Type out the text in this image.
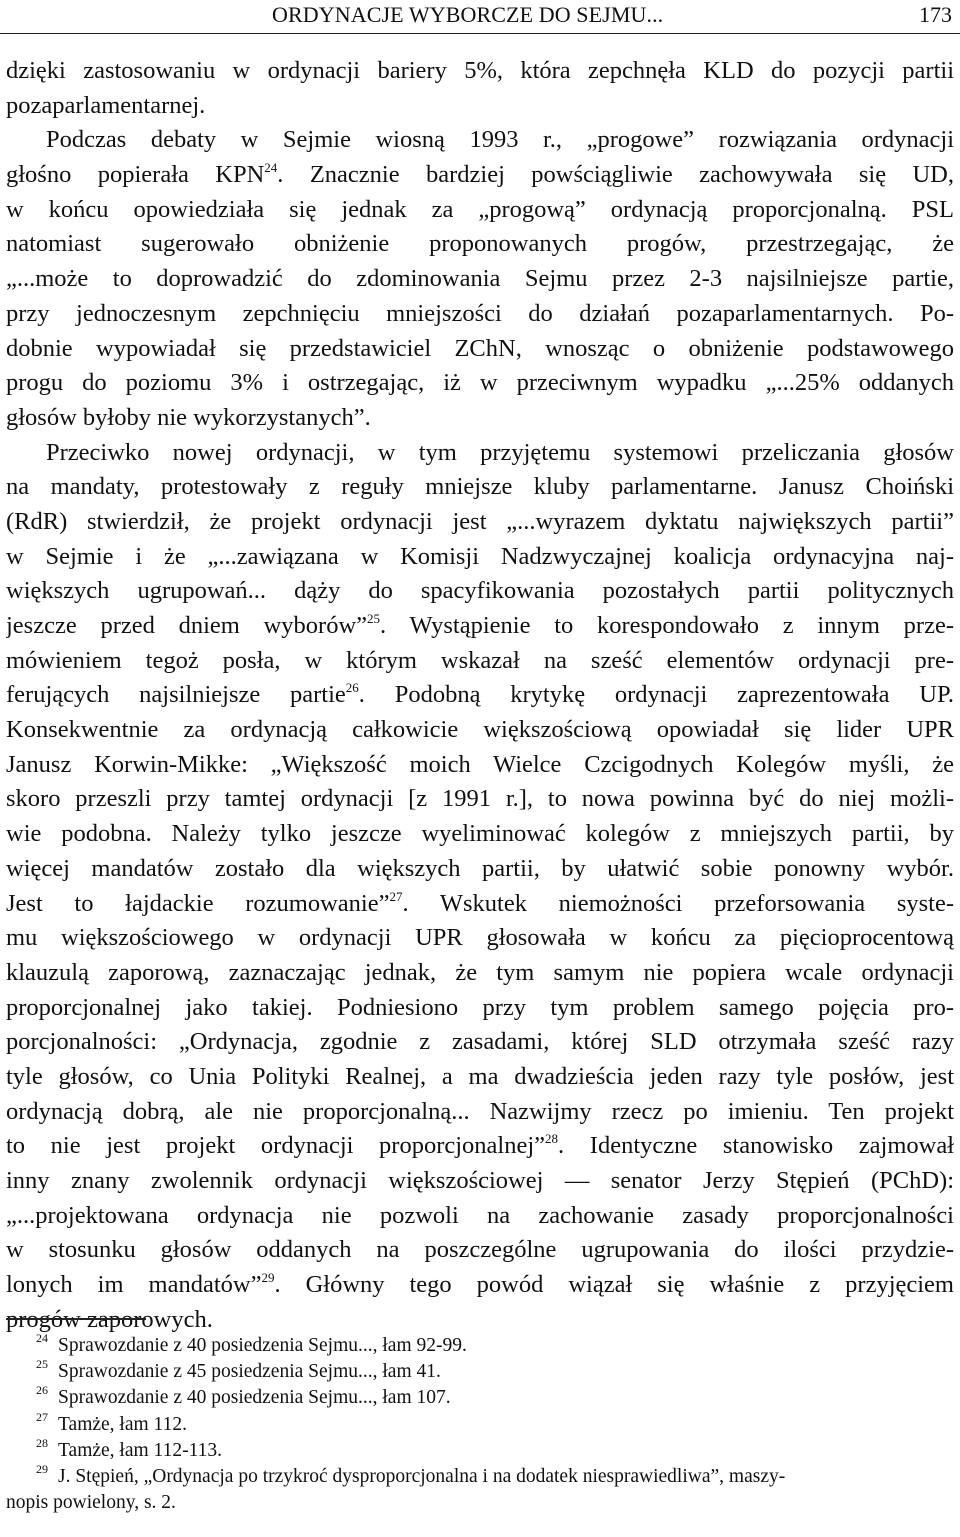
ORDYNACJE WYBORCZE DO SEJMU...	173
dzięki zastosowaniu w ordynacji bariery 5%, która zepchnęła KLD do pozycji partii
pozaparlamentarnej.
Podczas debaty w Sejmie wiosną 1993 r., „progowe” rozwiązania ordynacji
głośno popierała KPN$^{24}$. Znacznie bardziej powściągliwie zachowywała się UD,
w końcu opowiedziała się jednak za „progową” ordynacją proporcjonalną. PSL
natomiast sugerowało obniżenie proponowanych progów, przestrzegając, że
„...może to doprowadzić do zdominowania Sejmu przez 2-3 najsilniejsze partie,
przy jednoczesnym zepchnięciu mniejszości do działań pozaparlamentarnych. Po-
dobnie wypowiadał się przedstawiciel ZChN, wnosząc o obniżenie podstawowego
progu do poziomu 3% i ostrzegając, iż w przeciwnym wypadku „...25% oddanych
głosów byłoby nie wykorzystanych”.
Przeciwko nowej ordynacji, w tym przyjętemu systemowi przeliczania głosów
na mandaty, protestowały z reguły mniejsze kluby parlamentarne. Janusz Choiński
(RdR) stwierdził, że projekt ordynacji jest „...wyrazem dyktatu największych partii”
w Sejmie i że „...zawiązana w Komisji Nadzwyczajnej koalicja ordynacyjna naj-
większych ugrupowań... dąży do spacyfikowania pozostałych partii politycznych
jeszcze przed dniem wyborów”$^{25}$. Wystąpienie to korespondowało z innym prze-
mówieniem tegoż posła, w którym wskazał na sześć elementów ordynacji pre-
ferujących najsilniejsze partie$^{26}$. Podobną krytykę ordynacji zaprezentowała UP.
Konsekwentnie za ordynacją całkowicie większościową opowiadał się lider UPR
Janusz Korwin-Mikke: „Większość moich Wielce Czcigodnych Kolegów myśli, że
skoro przeszli przy tamtej ordynacji [z 1991 r.], to nowa powinna być do niej możli-
wie podobna. Należy tylko jeszcze wyeliminować kolegów z mniejszych partii, by
więcej mandatów zostało dla większych partii, by ułatwić sobie ponowny wybór.
Jest to łajdackie rozumowanie”$^{27}$. Wskutek niemożności przeforsowania syste-
mu większościowego w ordynacji UPR głosowała w końcu za pięcioprocentową
klauzulą zaporową, zaznaczając jednak, że tym samym nie popiera wcale ordynacji
proporcjonalnej jako takiej. Podniesiono przy tym problem samego pojęcia pro-
porcjonalności: „Ordynacja, zgodnie z zasadami, której SLD otrzymała sześć razy
tyle głosów, co Unia Polityki Realnej, a ma dwadzieścia jeden razy tyle posłów, jest
ordynacją dobrą, ale nie proporcjonalną... Nazwijmy rzecz po imieniu. Ten projekt
to nie jest projekt ordynacji proporcjonalnej”$^{28}$. Identyczne stanowisko zajmował
inny znany zwolennik ordynacji większościowej — senator Jerzy Stępień (PChD):
„...projektowana ordynacja nie pozwoli na zachowanie zasady proporcjonalności
w stosunku głosów oddanych na poszczególne ugrupowania do ilości przydzie-
lonych im mandatów”$^{29}$. Główny tego powód wiązał się właśnie z przyjęciem
progów zaporowych.
$^{24}$ Sprawozdanie z 40 posiedzenia Sejmu..., łam 92-99.
$^{25}$ Sprawozdanie z 45 posiedzenia Sejmu..., łam 41.
$^{26}$ Sprawozdanie z 40 posiedzenia Sejmu..., łam 107.
$^{27}$ Tamże, łam 112.
$^{28}$ Tamże, łam 112-113.
$^{29}$ J. Stępień, „Ordynacja po trzykroć dysproporcjonalna i na dodatek niesprawiedliwa”, maszy-
nopis powielony, s. 2.
